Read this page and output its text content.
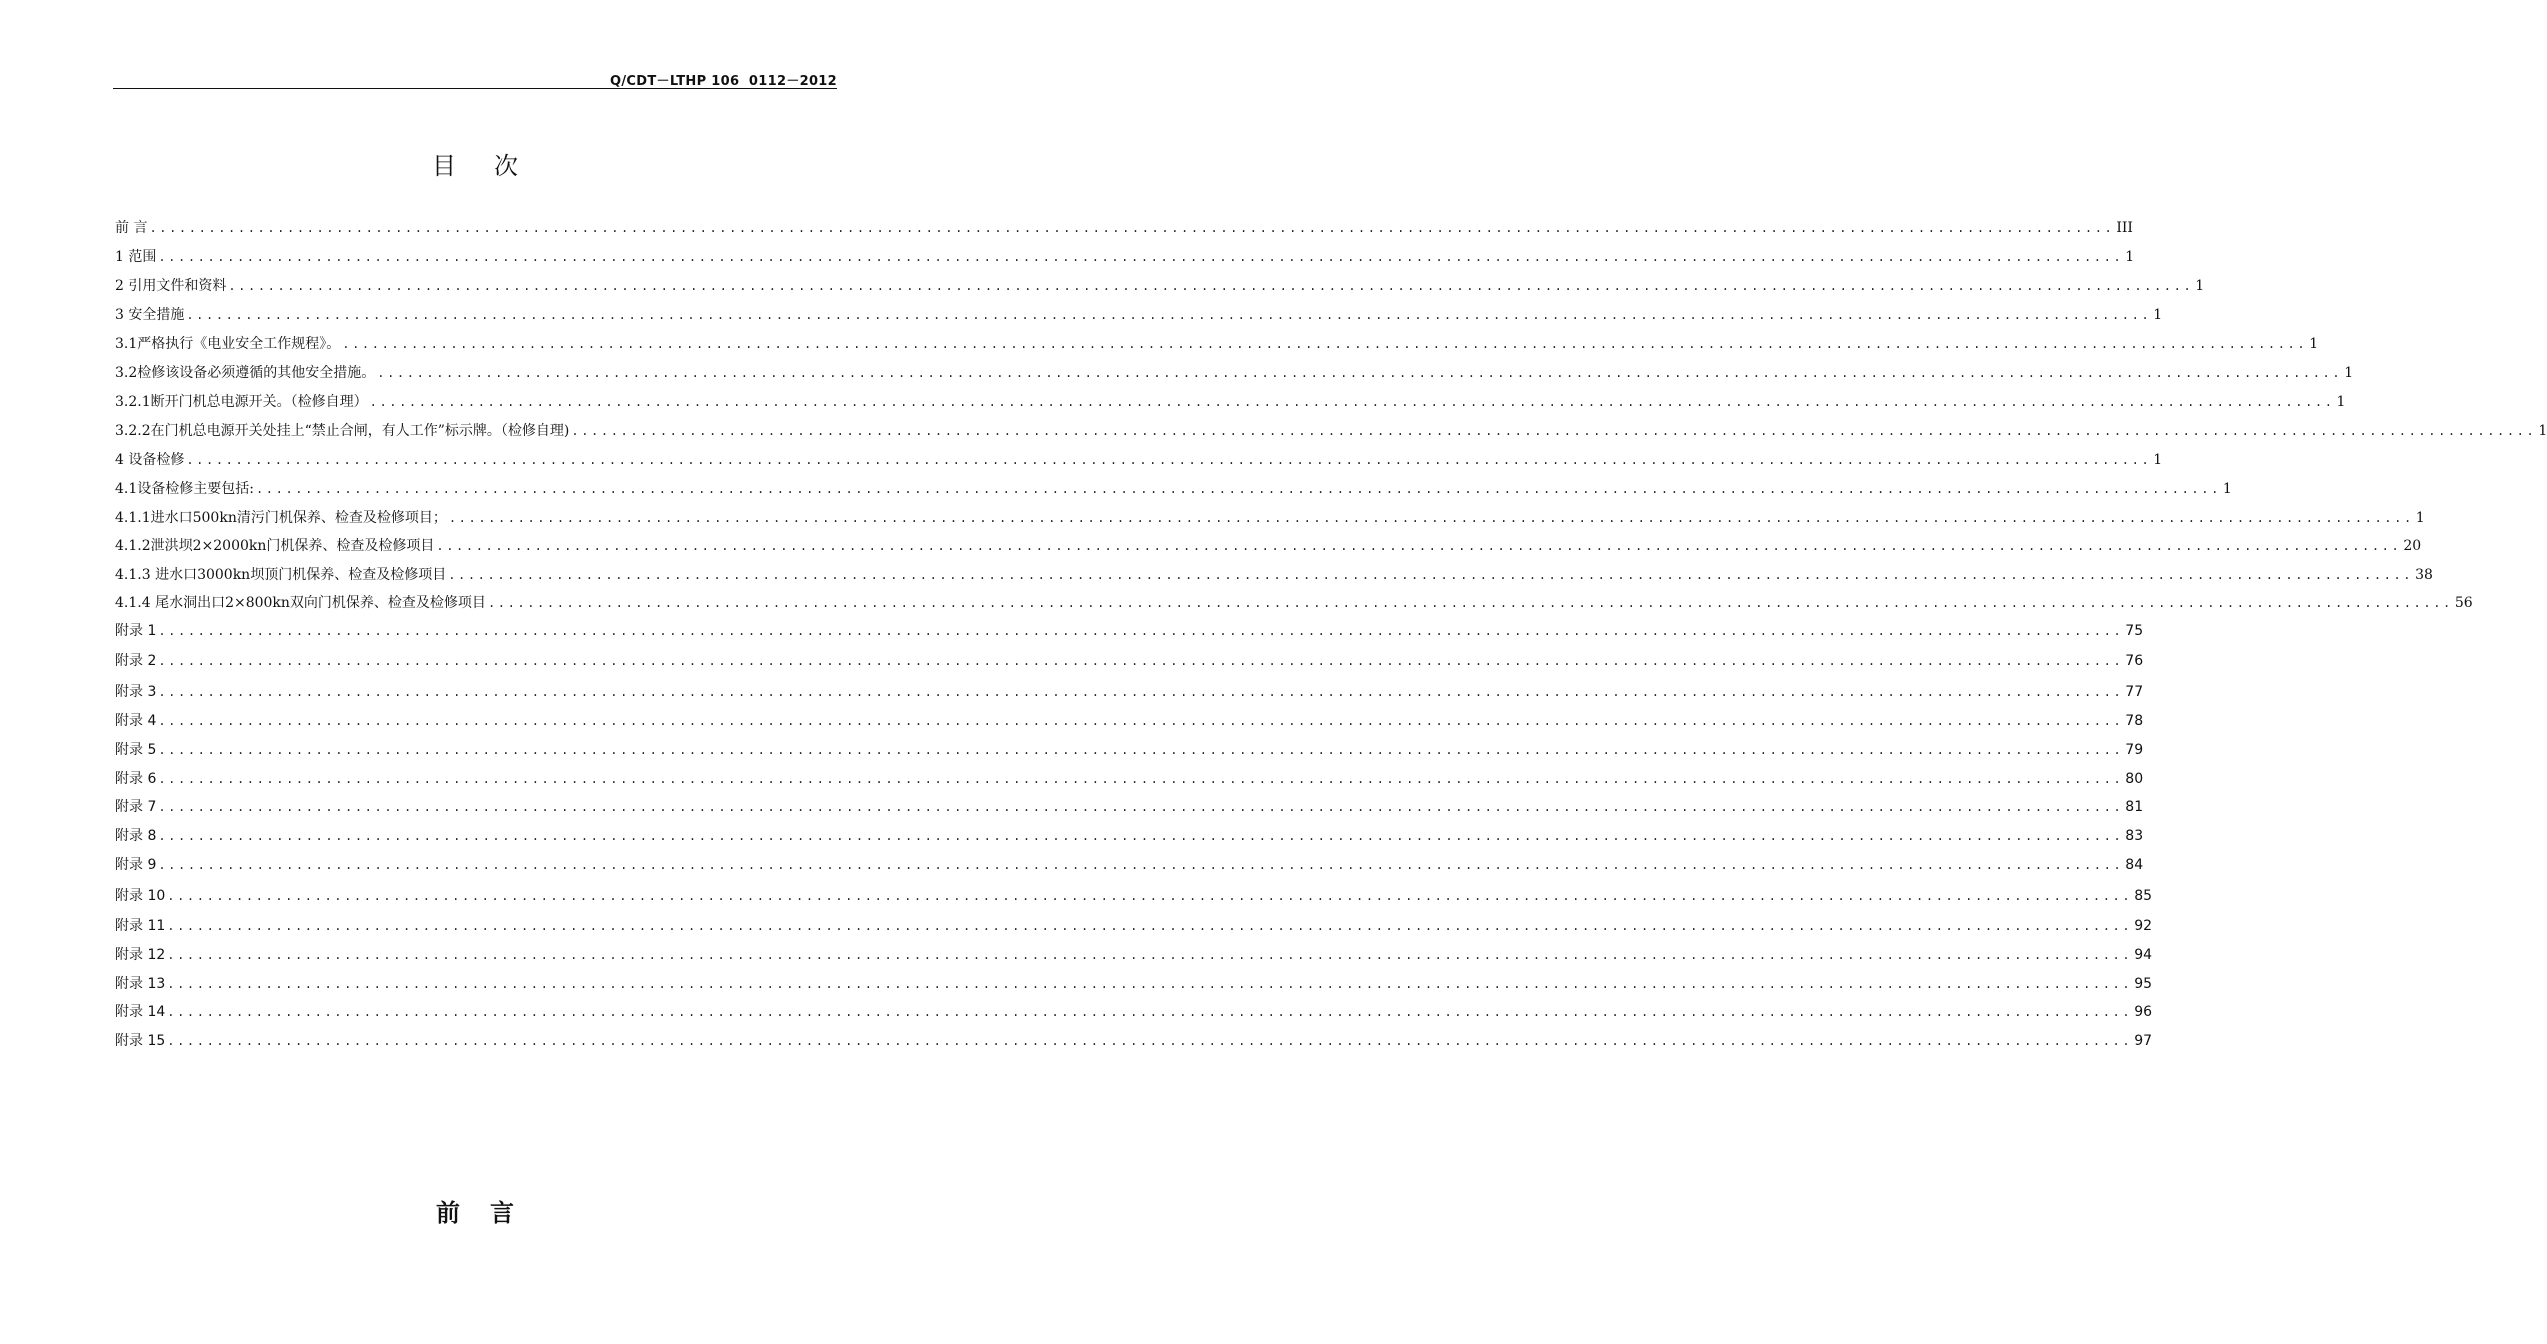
Q/CDT－LTHP 106  0112－2012
目 次
前 言 ........................................................................................................................................................................................................ III
1 范围 ........................................................................................................................................................................................................ 1
2 引用文件和资料 ........................................................................................................................................................................................................ 1
3 安全措施 ........................................................................................................................................................................................................ 1
3.1严格执行《电业安全工作规程》。 ........................................................................................................................................................................................................ 1
3.2检修该设备必须遵循的其他安全措施。 ........................................................................................................................................................................................................ 1
3.2.1断开门机总电源开关。（检修自理） ........................................................................................................................................................................................................ 1
3.2.2在门机总电源开关处挂上“禁止合闸，有人工作”标示牌。（检修自理) ........................................................................................................................................................................................................ 1
4 设备检修 ........................................................................................................................................................................................................ 1
4.1设备检修主要包括: ........................................................................................................................................................................................................ 1
4.1.1进水口500kn清污门机保养、检查及检修项目； ........................................................................................................................................................................................................ 1
4.1.2泄洪坝2×2000kn门机保养、检查及检修项目 ........................................................................................................................................................................................................ 20
4.1.3 进水口3000kn坝顶门机保养、检查及检修项目 ........................................................................................................................................................................................................ 38
4.1.4 尾水洞出口2×800kn双向门机保养、检查及检修项目 ........................................................................................................................................................................................................ 56
附录 1 ........................................................................................................................................................................................................ 75
附录 2 ........................................................................................................................................................................................................ 76
附录 3 ........................................................................................................................................................................................................ 77
附录 4 ........................................................................................................................................................................................................ 78
附录 5 ........................................................................................................................................................................................................ 79
附录 6 ........................................................................................................................................................................................................ 80
附录 7 ........................................................................................................................................................................................................ 81
附录 8 ........................................................................................................................................................................................................ 83
附录 9 ........................................................................................................................................................................................................ 84
附录 10 ........................................................................................................................................................................................................ 85
附录 11 ........................................................................................................................................................................................................ 92
附录 12 ........................................................................................................................................................................................................ 94
附录 13 ........................................................................................................................................................................................................ 95
附录 14 ........................................................................................................................................................................................................ 96
附录 15 ........................................................................................................................................................................................................ 97
前 言
